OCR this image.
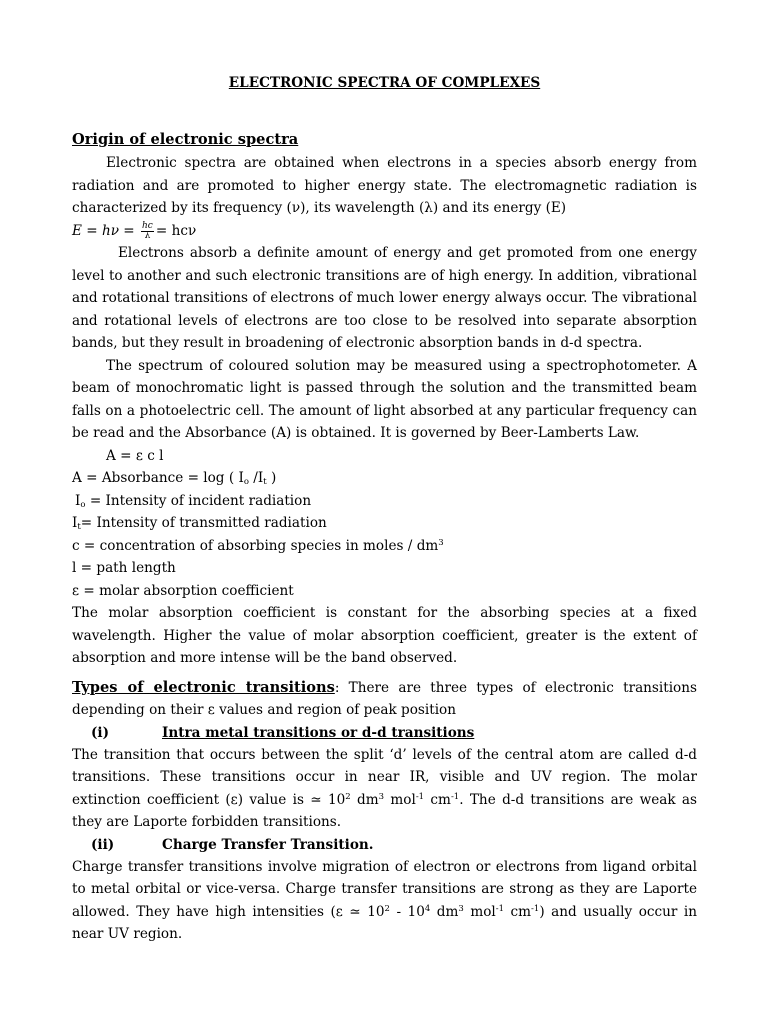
ELECTRONIC SPECTRA OF COMPLEXES
Origin of electronic spectra

Electronic spectra are obtained when electrons in a species absorb energy from radiation and are promoted to higher energy state. The electromagnetic radiation is characterized by its frequency (ν), its wavelength (λ) and its energy (E)

$E = h\nu = \frac{hc}{\lambda} = hc\nu$

Electrons absorb a definite amount of energy and get promoted from one energy level to another and such electronic transitions are of high energy. In addition, vibrational and rotational transitions of electrons of much lower energy always occur. The vibrational and rotational levels of electrons are too close to be resolved into separate absorption bands, but they result in broadening of electronic absorption bands in d-d spectra.

The spectrum of coloured solution may be measured using a spectrophotometer. A beam of monochromatic light is passed through the solution and the transmitted beam falls on a photoelectric cell. The amount of light absorbed at any particular frequency can be read and the Absorbance (A) is obtained. It is governed by Beer-Lamberts Law.

A = ε c l
A = Absorbance = log ( $I_o$ $/I_t$ )
$I_o$ = Intensity of incident radiation
$I_t=$ Intensity of transmitted radiation
c = concentration of absorbing species in moles / $dm^3$
l = path length
ε = molar absorption coefficient

The molar absorption coefficient is constant for the absorbing species at a fixed wavelength. Higher the value of molar absorption coefficient, greater is the extent of absorption and more intense will be the band observed.

Types of electronic transitions: There are three types of electronic transitions depending on their ε values and region of peak position

(i)	Intra metal transitions or d-d transitions

The transition that occurs between the split ‘d’ levels of the central atom are called d-d transitions. These transitions occur in near IR, visible and UV region. The molar extinction coefficient (ε) value is ≃ $10^2$ $dm^3$ mol$^{-1}$ $cm^{-1}$. The d-d transitions are weak as they are Laporte forbidden transitions.

(ii)	Charge Transfer Transition.

Charge transfer transitions involve migration of electron or electrons from ligand orbital to metal orbital or vice-versa. Charge transfer transitions are strong as they are Laporte allowed. They have high intensities (ε ≃ $10^2 - 10^4$ $dm^3$ mol$^{-1}$ $cm^{-1}$) and usually occur in near UV region.
